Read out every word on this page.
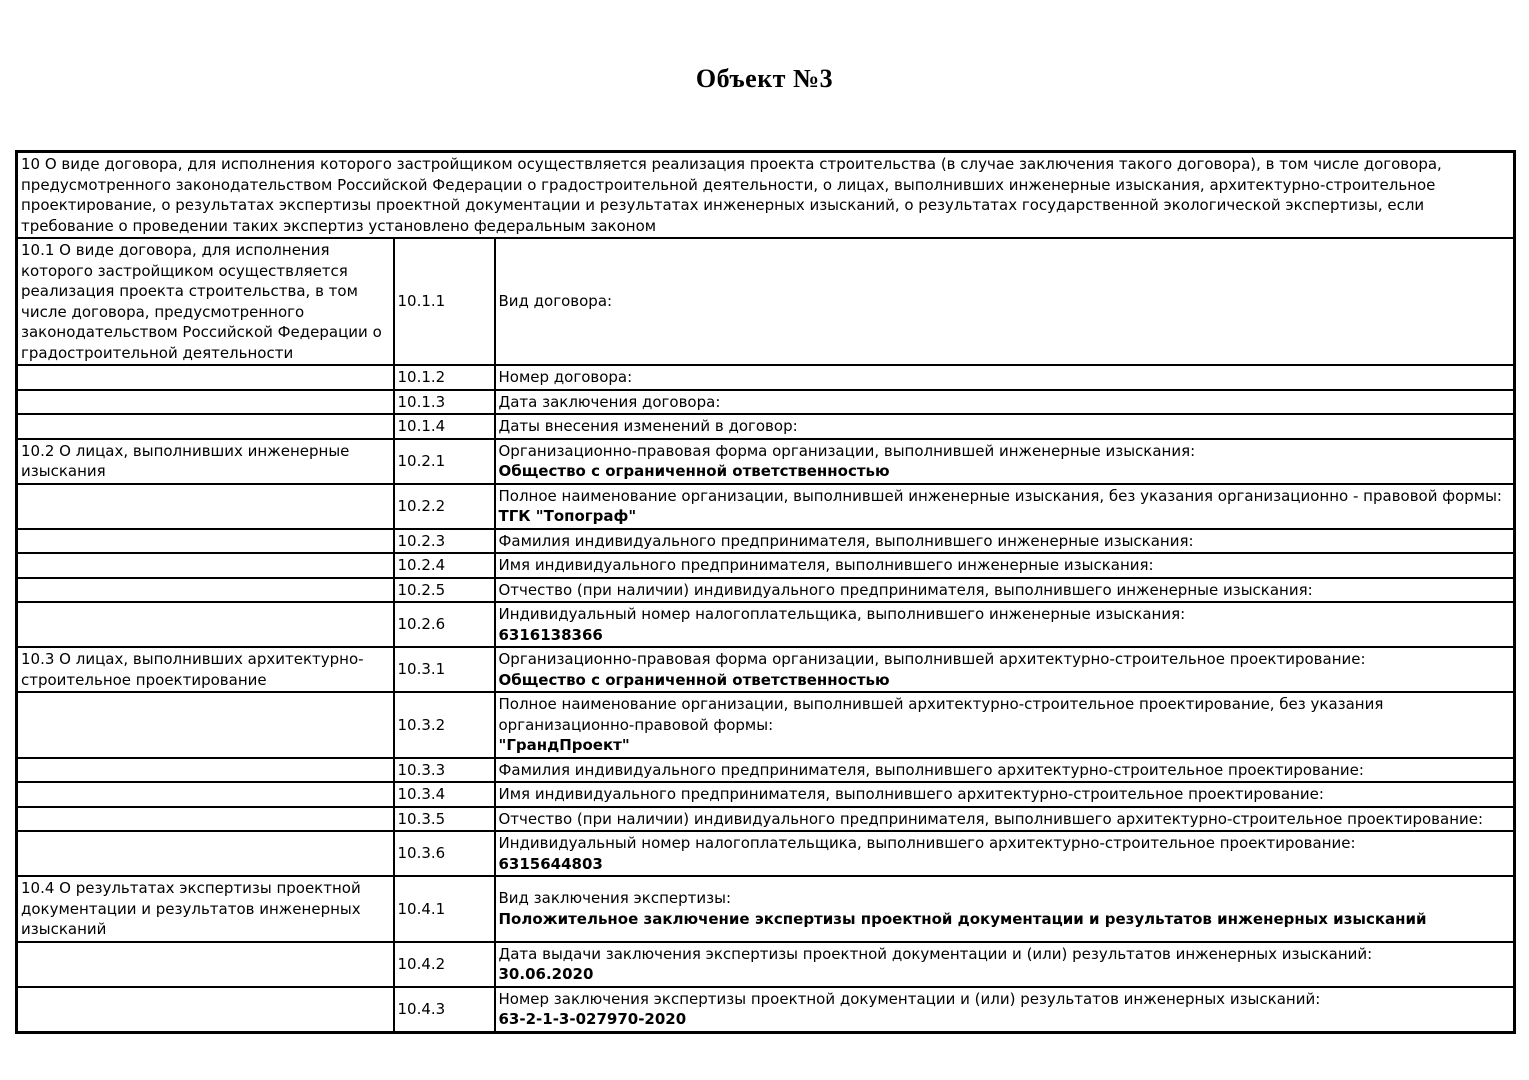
Объект №3
10 О виде договора, для исполнения которого застройщиком осуществляется реализация проекта строительства (в случае заключения такого договора), в том числе договора, предусмотренного законодательством Российской Федерации о градостроительной деятельности, о лицах, выполнивших инженерные изыскания, архитектурно-строительное проектирование, о результатах экспертизы проектной документации и результатах инженерных изысканий, о результатах государственной экологической экспертизы, если требование о проведении таких экспертиз установлено федеральным законом		
10.1 О виде договора, для исполнения которого застройщиком осуществляется реализация проекта строительства, в том числе договора, предусмотренного законодательством Российской Федерации о градостроительной деятельности	10.1.1	Вид договора:

	10.1.2	Номер договора:

	10.1.3	Дата заключения договора:

	10.1.4	Даты внесения изменений в договор:

10.2 О лицах, выполнивших инженерные изыскания	10.2.1	Организационно-правовая форма организации, выполнившей инженерные изыскания:
Общество с ограниченной ответственностью

	10.2.2	Полное наименование организации, выполнившей инженерные изыскания, без указания организационно - правовой формы:
ТГК "Топограф"

	10.2.3	Фамилия индивидуального предпринимателя, выполнившего инженерные изыскания:

	10.2.4	Имя индивидуального предпринимателя, выполнившего инженерные изыскания:

	10.2.5	Отчество (при наличии) индивидуального предпринимателя, выполнившего инженерные изыскания:

	10.2.6	Индивидуальный номер налогоплательщика, выполнившего инженерные изыскания:
6316138366

10.3 О лицах, выполнивших архитектурно-строительное проектирование	10.3.1	Организационно-правовая форма организации, выполнившей архитектурно-строительное проектирование:
Общество с ограниченной ответственностью

	10.3.2	Полное наименование организации, выполнившей архитектурно-строительное проектирование, без указания организационно-правовой формы:
"ГрандПроект"

	10.3.3	Фамилия индивидуального предпринимателя, выполнившего архитектурно-строительное проектирование:

	10.3.4	Имя индивидуального предпринимателя, выполнившего архитектурно-строительное проектирование:

	10.3.5	Отчество (при наличии) индивидуального предпринимателя, выполнившего архитектурно-строительное проектирование:

	10.3.6	Индивидуальный номер налогоплательщика, выполнившего архитектурно-строительное проектирование:
6315644803

10.4 О результатах экспертизы проектной документации и результатов инженерных изысканий	10.4.1	Вид заключения экспертизы:
Положительное заключение экспертизы проектной документации и результатов инженерных изысканий

	10.4.2	Дата выдачи заключения экспертизы проектной документации и (или) результатов инженерных изысканий:
30.06.2020

	10.4.3	Номер заключения экспертизы проектной документации и (или) результатов инженерных изысканий:
63-2-1-3-027970-2020
